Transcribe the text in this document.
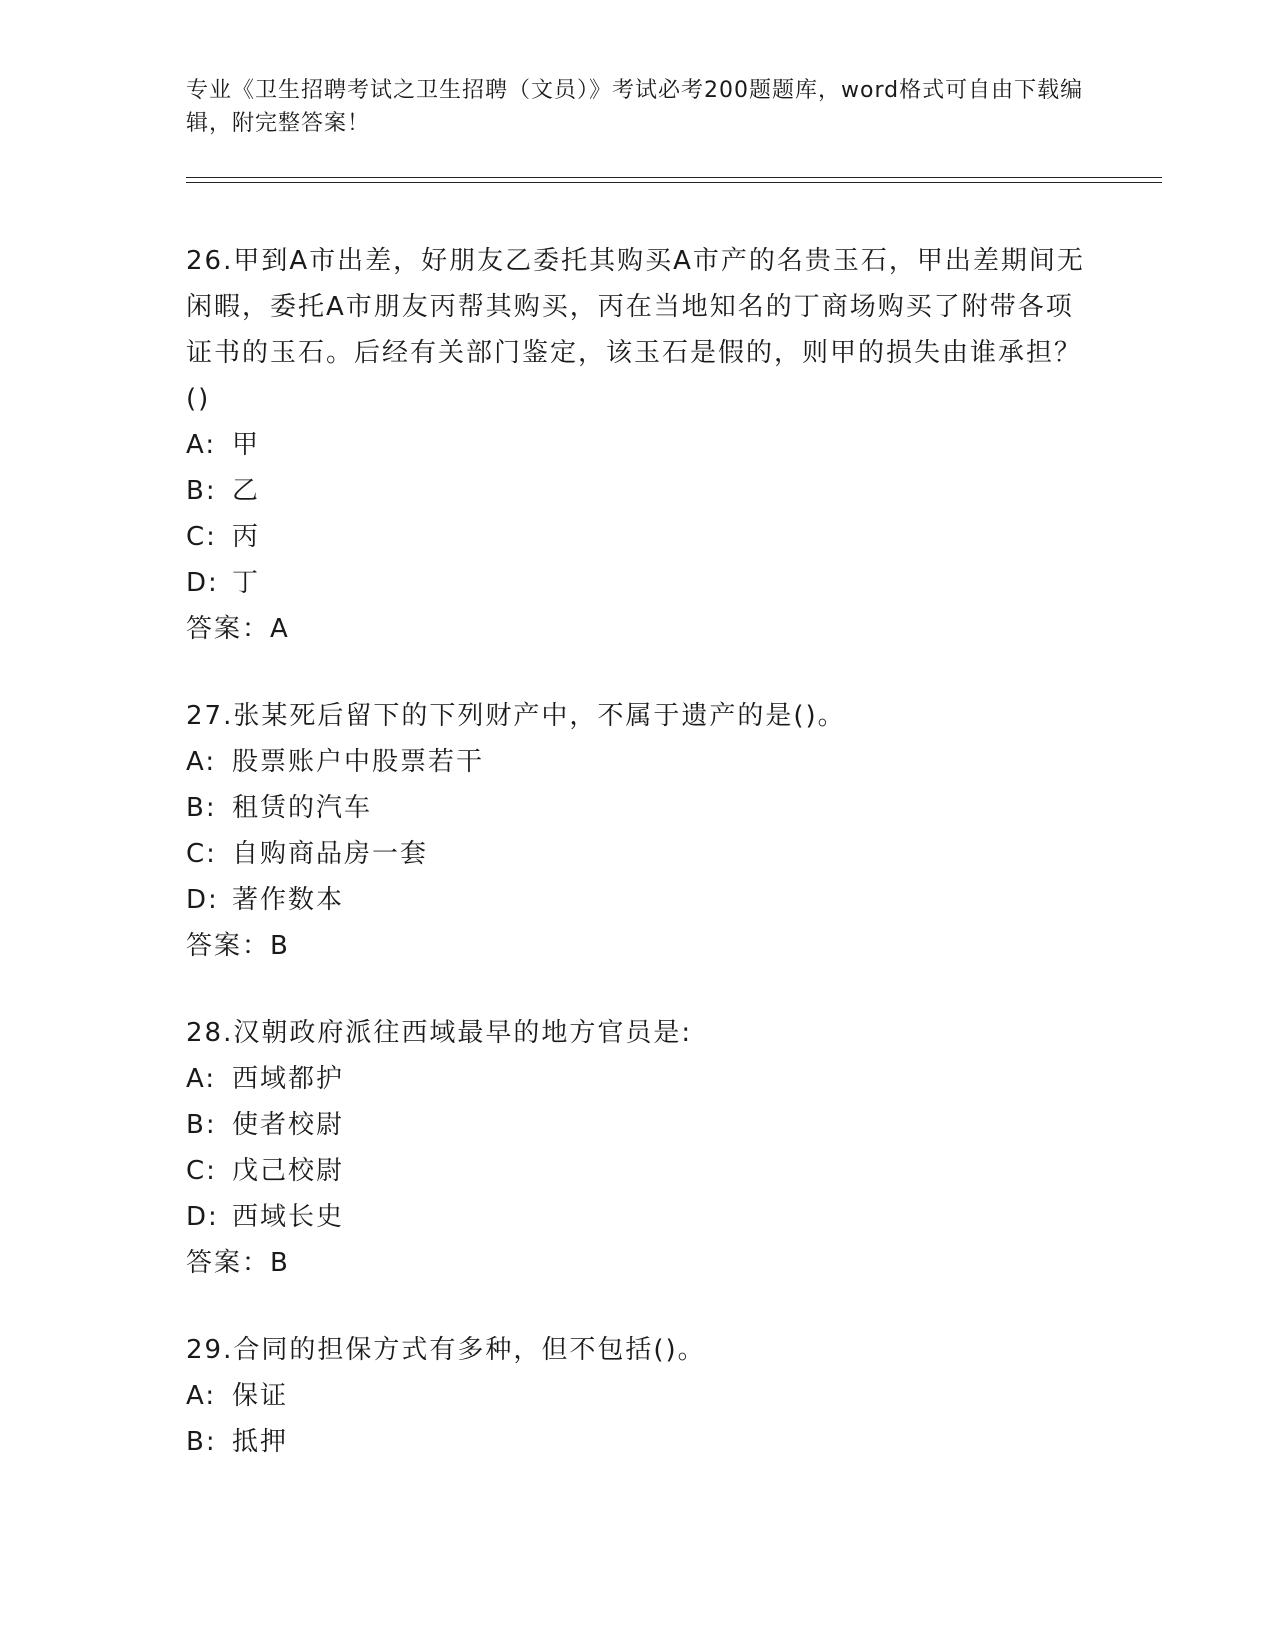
专业《卫生招聘考试之卫生招聘（文员）》考试必考200题题库，word格式可自由下载编辑，附完整答案！
26.甲到A市出差，好朋友乙委托其购买A市产的名贵玉石，甲出差期间无闲暇，委托A市朋友丙帮其购买，丙在当地知名的丁商场购买了附带各项证书的玉石。后经有关部门鉴定，该玉石是假的，则甲的损失由谁承担？()
A: 甲
B: 乙
C: 丙
D: 丁
答案：A
27.张某死后留下的下列财产中，不属于遗产的是()。
A: 股票账户中股票若干
B: 租赁的汽车
C: 自购商品房一套
D: 著作数本
答案：B
28.汉朝政府派往西域最早的地方官员是:
A: 西域都护
B: 使者校尉
C: 戊己校尉
D: 西域长史
答案：B
29.合同的担保方式有多种，但不包括()。
A: 保证
B: 抵押
